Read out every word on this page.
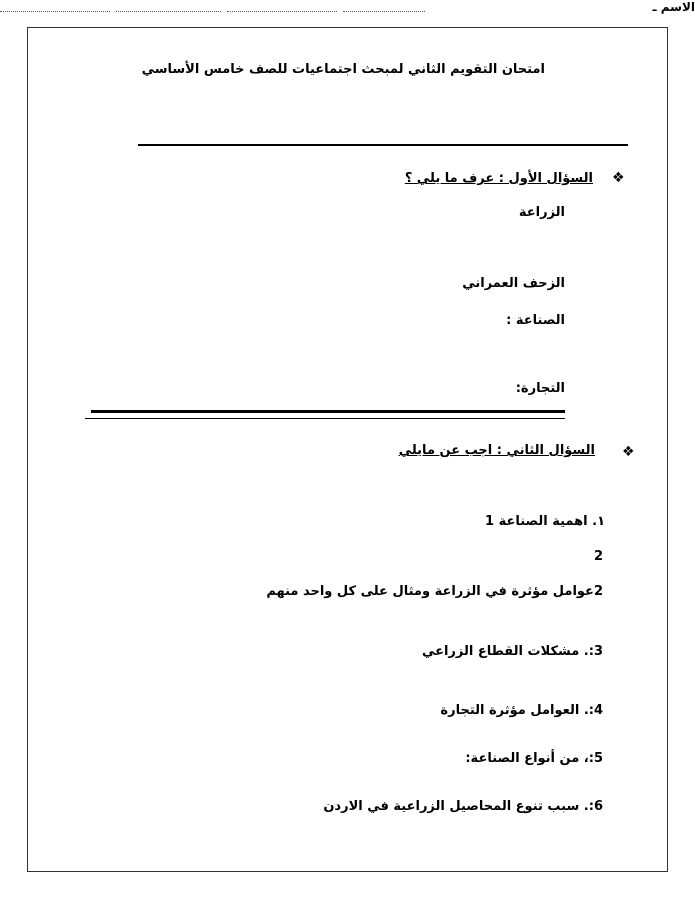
امتحان التقويم الثاني لمبحث اجتماعيات للصف خامس الأساسي
الاسم ـ
❖
السؤال الأول : عرف ما يلي ؟
الزراعة
الزحف العمراني
الصناعة :
التجارة:
❖
السؤال الثاني : اجب عن مايلي
١. اهمية الصناعة 1
2
2عوامل مؤثرة في الزراعة ومثال على كل واحد منهم
3:. مشكلات القطاع الزراعي
4:. العوامل مؤثرة التجارة
5:، من أنواع الصناعة:
6:. سبب تنوع المحاصيل الزراعية في الاردن
